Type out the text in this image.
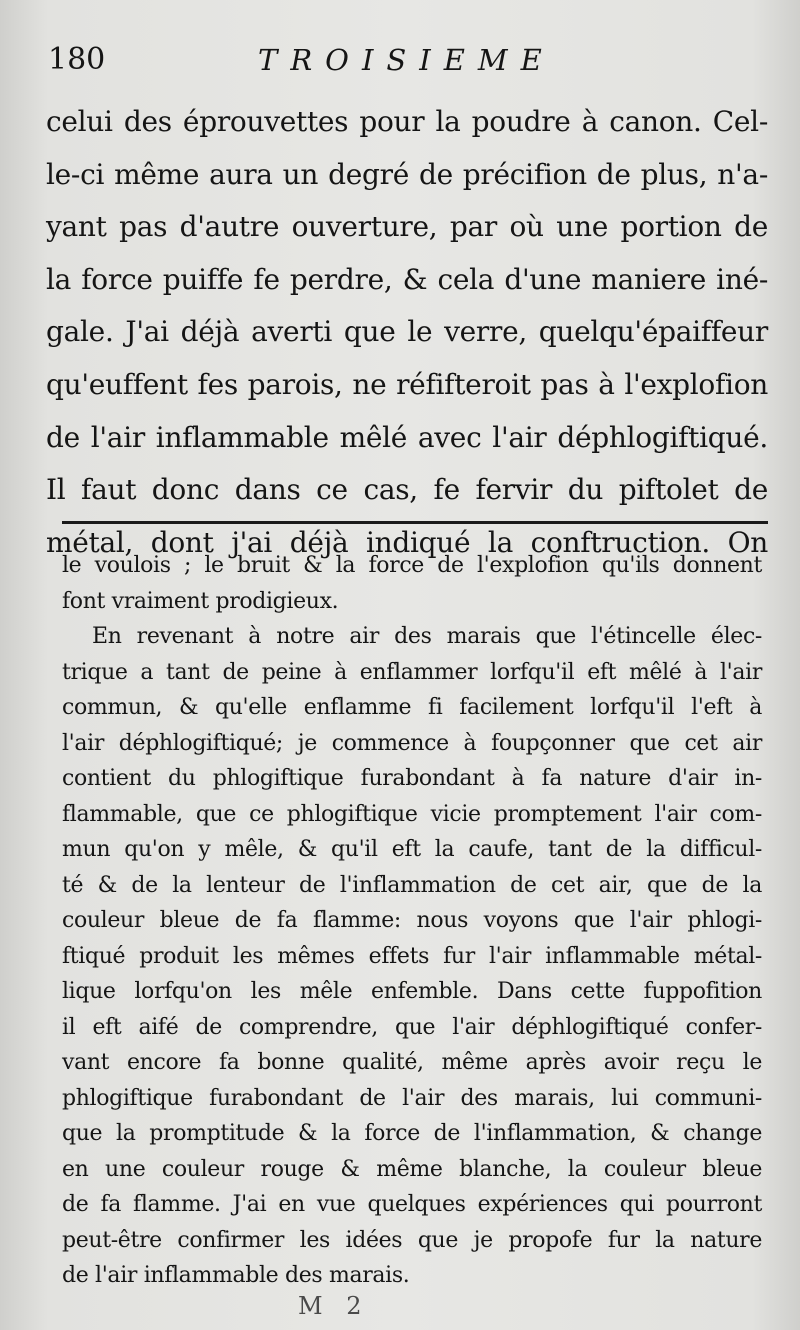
180	TROISIEME
celui des éprouvettes pour la poudre à canon. Cel-
le-ci même aura un degré de précifion de plus, n'a-
yant pas d'autre ouverture, par où une portion de
la force puiffe fe perdre, & cela d'une maniere iné-
gale. J'ai déjà averti que le verre, quelqu'épaiffeur
qu'euffent fes parois, ne réfifteroit pas à l'explofion
de l'air inflammable mêlé avec l'air déphlogiftiqué.
Il faut donc dans ce cas, fe fervir du piftolet de
métal, dont j'ai déjà indiqué la conftruction. On
le voulois ; le bruit & la force de l'explofion qu'ils donnent
font vraiment prodigieux.
En revenant à notre air des marais que l'étincelle élec-
trique a tant de peine à enflammer lorfqu'il eft mêlé à l'air
commun, & qu'elle enflamme fi facilement lorfqu'il l'eft à
l'air déphlogiftiqué; je commence à foupçonner que cet air
contient du phlogiftique furabondant à fa nature d'air in-
flammable, que ce phlogiftique vicie promptement l'air com-
mun qu'on y mêle, & qu'il eft la caufe, tant de la difficul-
té & de la lenteur de l'inflammation de cet air, que de la
couleur bleue de fa flamme: nous voyons que l'air phlogi-
ftiqué produit les mêmes effets fur l'air inflammable métal-
lique lorfqu'on les mêle enfemble. Dans cette fuppofition
il eft aifé de comprendre, que l'air déphlogiftiqué confer-
vant encore fa bonne qualité, même après avoir reçu le
phlogiftique furabondant de l'air des marais, lui communi-
que la promptitude & la force de l'inflammation, & change
en une couleur rouge & même blanche, la couleur bleue
de fa flamme. J'ai en vue quelques expériences qui pourront
peut-être confirmer les idées que je propofe fur la nature
de l'air inflammable des marais.
M 2
